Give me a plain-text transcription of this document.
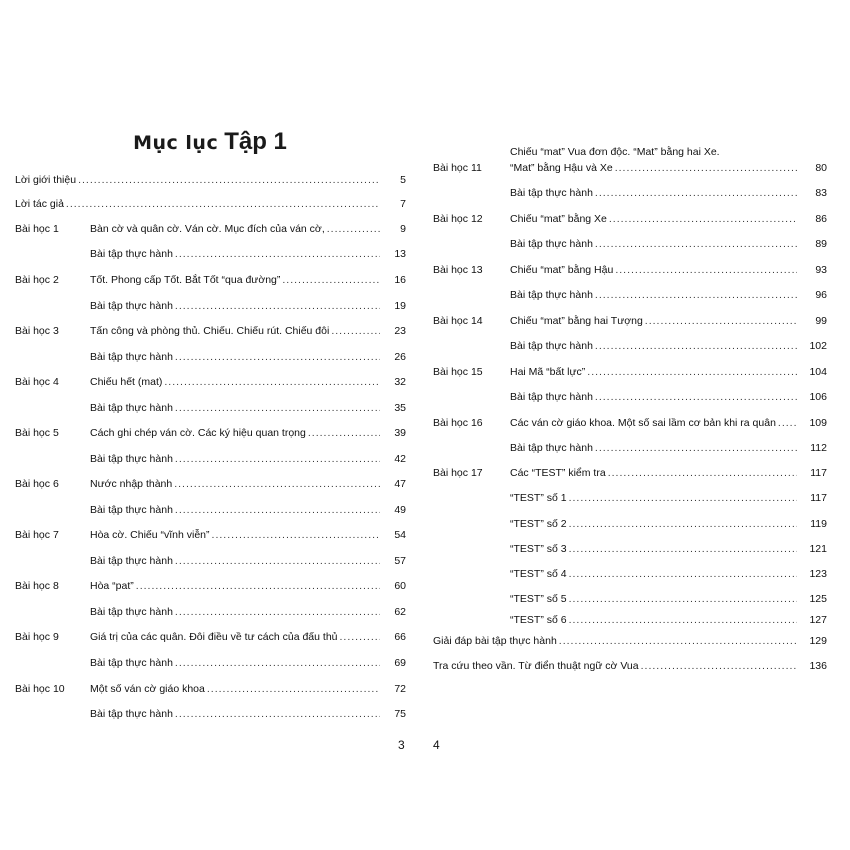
Mục lục Tập 1
Lời giới thiệu .....	5
Lời tác giả .....	7
Bài học 1	Bàn cờ và quân cờ. Ván cờ. Mục đích của ván cờ, .....	9
Bài tập thực hành .....	13
Bài học 2	Tốt. Phong cấp Tốt. Bắt Tốt “qua đường” .....	16
Bài tập thực hành .....	19
Bài học 3	Tấn công và phòng thủ. Chiếu. Chiếu rút. Chiếu đôi .....	23
Bài tập thực hành .....	26
Bài học 4	Chiếu hết (mat) .....	32
Bài tập thực hành .....	35
Bài học 5	Cách ghi chép ván cờ. Các ký hiệu quan trọng .....	39
Bài tập thực hành .....	42
Bài học 6	Nước nhập thành .....	47
Bài tập thực hành .....	49
Bài học 7	Hòa cờ. Chiếu “vĩnh viễn” .....	54
Bài tập thực hành .....	57
Bài học 8	Hòa “pat” .....	60
Bài tập thực hành .....	62
Bài học 9	Giá trị của các quân. Đôi điều về tư cách của đấu thủ .....	66
Bài tập thực hành .....	69
Bài học 10 Một số ván cờ giáo khoa .....	72
Bài tập thực hành .....	75
3
Chiếu “mat” Vua đơn độc. “Mat” bằng hai Xe.
Bài học 11	“Mat” bằng Hậu và Xe .....	80
Bài tập thực hành .....	83
Bài học 12	Chiếu “mat” bằng Xe .....	86
Bài tập thực hành .....	89
Bài học 13	Chiếu “mat” bằng Hậu .....	93
Bài tập thực hành .....	96
Bài học 14	Chiếu “mat” bằng hai Tượng .....	99
Bài tập thực hành .....	102
Bài học 15	Hai Mã “bất lực” .....	104
Bài tập thực hành .....	106
Bài học 16	Các ván cờ giáo khoa. Một số sai lầm cơ bản khi ra quân .....	109
Bài tập thực hành .....	112
Bài học 17	Các “TEST” kiểm tra .....	117
“TEST” số 1 .....	117
“TEST” số 2 .....	119
“TEST” số 3 .....	121
“TEST” số 4 .....	123
“TEST” số 5 .....	125
“TEST” số 6 .....	127
Giải đáp bài tập thực hành .....	129
Tra cứu theo vần. Từ điển thuật ngữ cờ Vua .....	136
4
